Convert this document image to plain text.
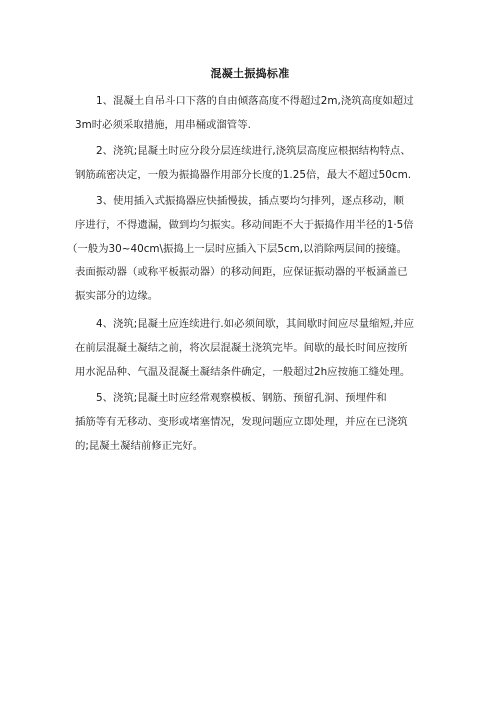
混凝土振捣标准
1、混凝土自吊斗口下落的自由倾落高度不得超过2m,浇筑高度如超过
3m时必须采取措施，用串桶或溜管等.
2、浇筑;昆凝土时应分段分层连续进行,浇筑层高度应根据结构特点、
钢筋疏密决定，一般为振捣器作用部分长度的1.25倍，最大不超过50cm.
3、使用插入式振捣器应快插慢拔，插点要均匀排列，逐点移动，顺
序进行，不得遗漏，做到均匀振实。移动间距不大于振捣作用半径的1·5倍
（一般为30~40cm\振捣上一层时应插入下层5cm,以消除两层间的接缝。
表面振动器（或称平板振动器）的移动间距，应保证振动器的平板涵盖已
振实部分的边缘。
4、浇筑;昆凝土应连续进行.如必须间歇，其间歇时间应尽量缩短,并应
在前层混凝土凝结之前，将次层混凝土浇筑完毕。间歇的最长时间应按所
用水泥品种、气温及混凝土凝结条件确定，一般超过2h应按施工缝处理。
5、浇筑;昆凝土时应经常观察模板、钢筋、预留孔洞、预埋件和
插筋等有无移动、变形或堵塞情况，发现问题应立即处理，并应在已浇筑
的;昆凝土凝结前修正完好。
